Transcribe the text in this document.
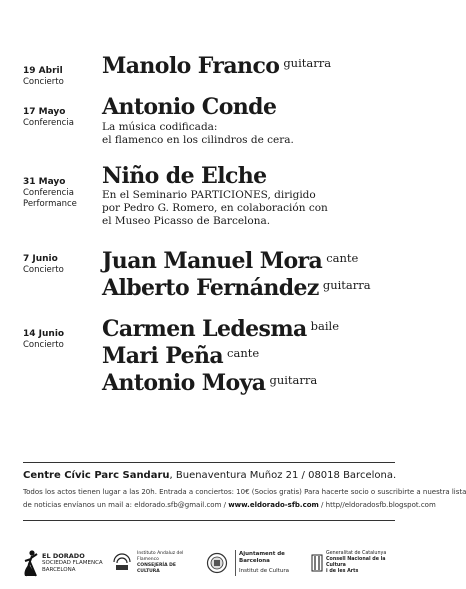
19 Abril
Concierto
Manolo Franco $^{guitarra}$
17 Mayo
Conferencia
Antonio Conde
La música codificada:
el flamenco en los cilindros de cera.
31 Mayo
Conferencia
Performance
Niño de Elche
En el Seminario PARTICIONES, dirigido
por Pedro G. Romero, en colaboración con
el Museo Picasso de Barcelona.
7 Junio
Concierto Juan Manuel Mora $^{cante}$
Alberto Fernández $^{guitarra}$
14 Junio
Concierto
Carmen Ledesma $^{baile}$
Mari Peña $^{cante}$
Antonio Moya $^{guitarra}$
Centre Cívic Parc Sandaru, Buenaventura Muñoz 21 / 08018 Barcelona.
Todos los actos tienen lugar a las 20h. Entrada a conciertos: 10€ (Socios gratis) Para hacerte socio o suscribirte a nuestra lista
de noticias envíanos un mail a: eldorado.sfb@gmail.com / www.eldorado-sfb.com / http//eldoradosfb.blogspot.com
EL DORADO
SOCIEDAD FLAMENCA
BARCELONA
Instituto Andaluz del Flamenco
CONSEJERÍA DE CULTURA
Ajuntament de Barcelona
Institut de Cultura
Generalitat de Catalunya
Consell Nacional de la Cultura
i de les Arts
